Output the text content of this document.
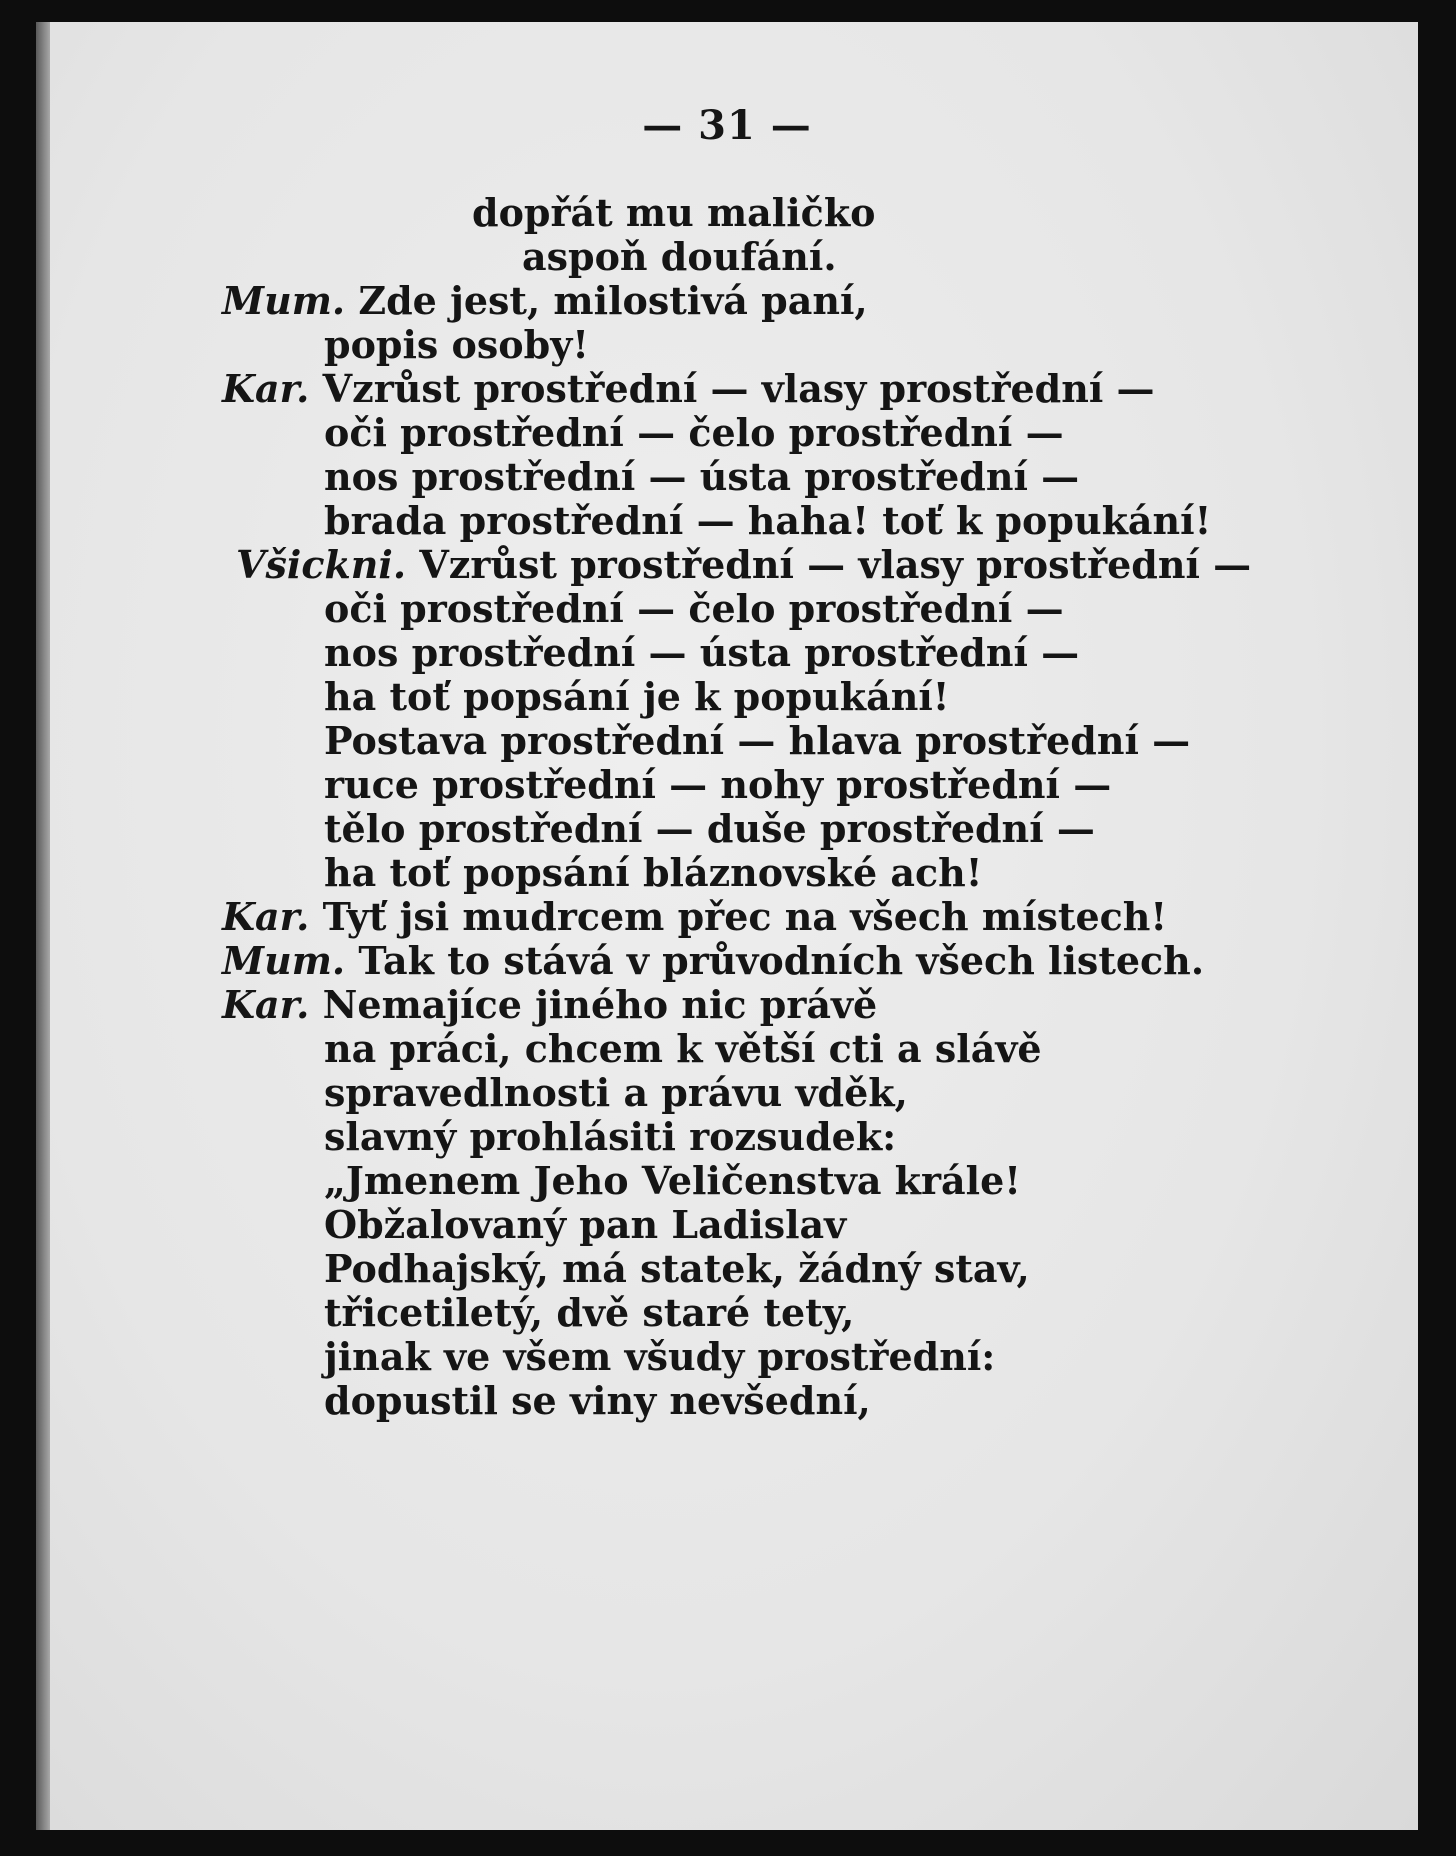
— 31 —
dopřát mu maličko
aspoň doufání.
Mum. Zde jest, milostivá paní,
popis osoby!
Kar. Vzrůst prostřední — vlasy prostřední —
oči prostřední — čelo prostřední —
nos prostřední — ústa prostřední —
brada prostřední — haha! toť k popukání!
Všickni. Vzrůst prostřední — vlasy prostřední —
oči prostřední — čelo prostřední —
nos prostřední — ústa prostřední —
ha toť popsání je k popukání!
Postava prostřední — hlava prostřední —
ruce prostřední — nohy prostřední —
tělo prostřední — duše prostřední —
ha toť popsání bláznovské ach!
Kar. Tyť jsi mudrcem přec na všech místech!
Mum. Tak to stává v průvodních všech listech.
Kar. Nemajíce jiného nic právě
na práci, chcem k větší cti a slávě
spravedlnosti a právu vděk,
slavný prohlásiti rozsudek:
„Jmenem Jeho Veličenstva krále!
Obžalovaný pan Ladislav
Podhajský, má statek, žádný stav,
třicetiletý, dvě staré tety,
jinak ve všem všudy prostřední:
dopustil se viny nevšední,
